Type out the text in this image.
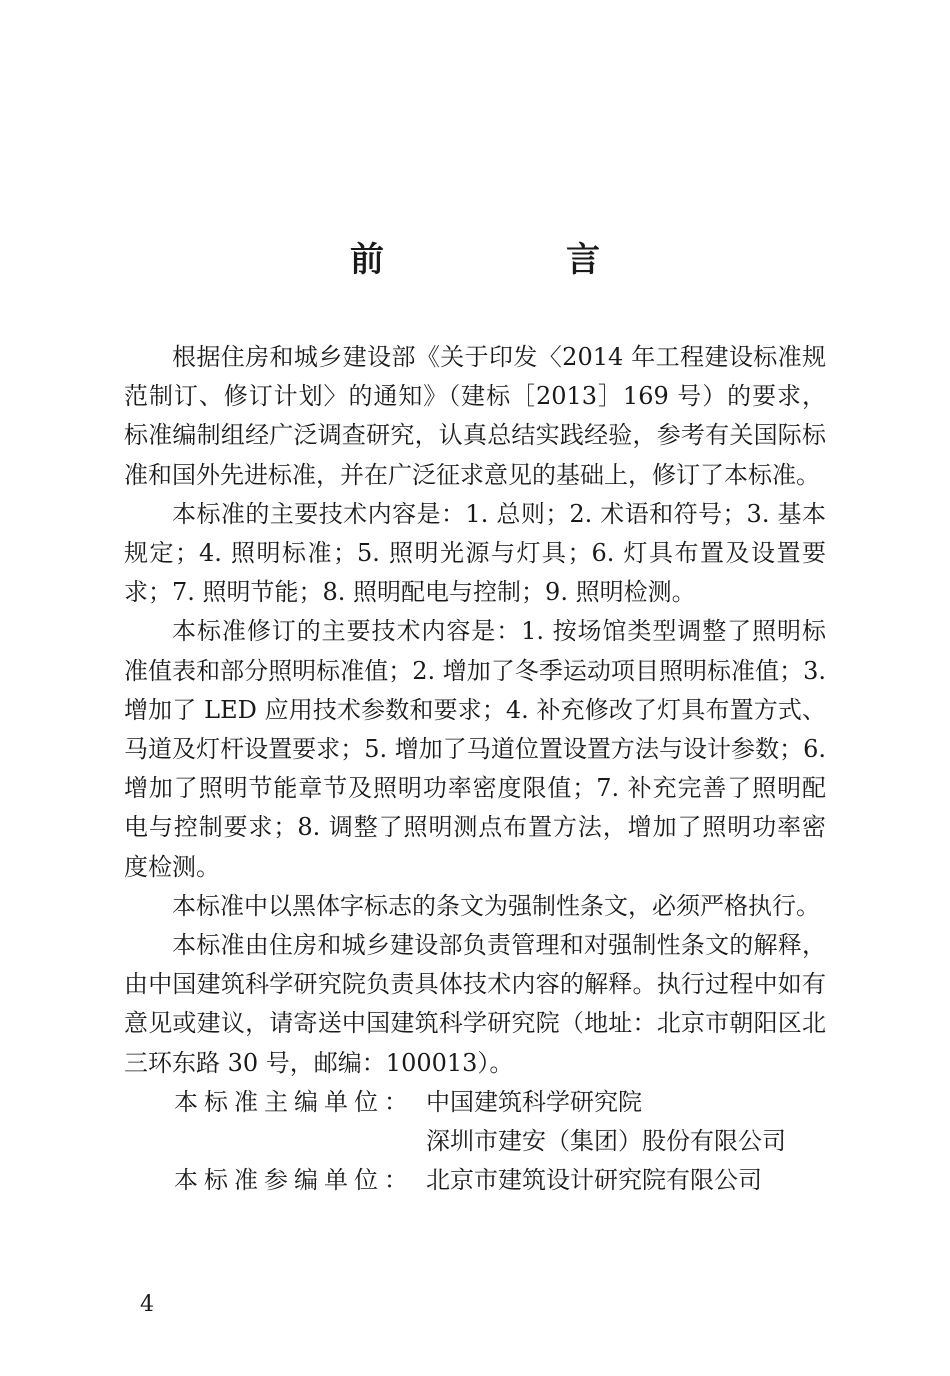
前　言

根据住房和城乡建设部《关于印发〈2014 年工程建设标准规范制订、修订计划〉的通知》（建标［2013］169 号）的要求，标准编制组经广泛调查研究，认真总结实践经验，参考有关国际标准和国外先进标准，并在广泛征求意见的基础上，修订了本标准。

本标准的主要技术内容是：1. 总则；2. 术语和符号；3. 基本规定；4. 照明标准；5. 照明光源与灯具；6. 灯具布置及设置要求；7. 照明节能；8. 照明配电与控制；9. 照明检测。

本标准修订的主要技术内容是：1. 按场馆类型调整了照明标准值表和部分照明标准值；2. 增加了冬季运动项目照明标准值；3. 增加了 LED 应用技术参数和要求；4. 补充修改了灯具布置方式、马道及灯杆设置要求；5. 增加了马道位置设置方法与设计参数；6. 增加了照明节能章节及照明功率密度限值；7. 补充完善了照明配电与控制要求；8. 调整了照明测点布置方法，增加了照明功率密度检测。

本标准中以黑体字标志的条文为强制性条文，必须严格执行。

本标准由住房和城乡建设部负责管理和对强制性条文的解释，由中国建筑科学研究院负责具体技术内容的解释。执行过程中如有意见或建议，请寄送中国建筑科学研究院（地址：北京市朝阳区北三环东路 30 号，邮编：100013）。

本标准主编单位： 中国建筑科学研究院
深圳市建安（集团）股份有限公司
本标准参编单位： 北京市建筑设计研究院有限公司
4
